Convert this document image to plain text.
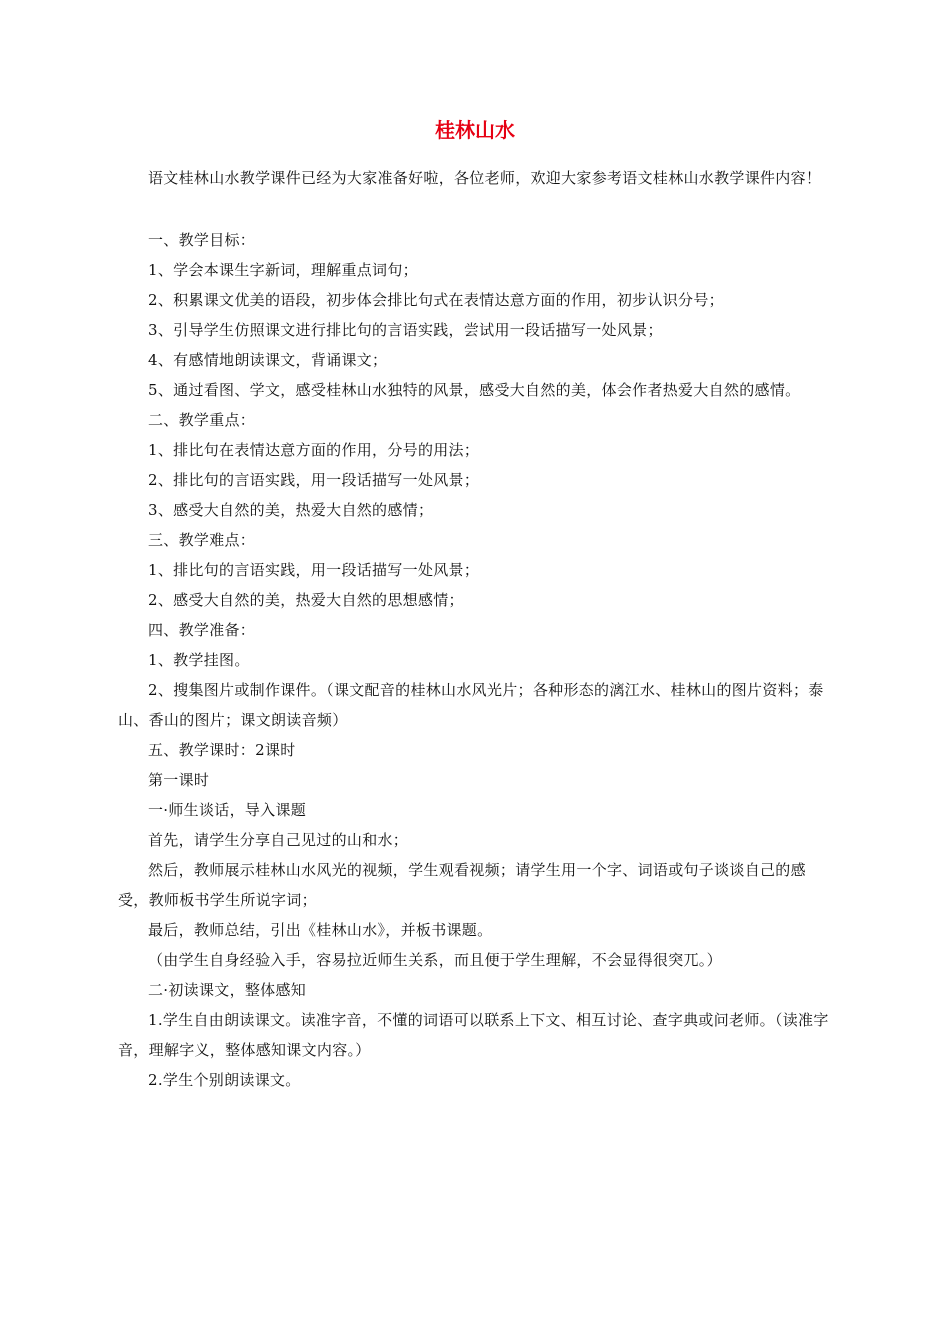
桂林山水

语文桂林山水教学课件已经为大家准备好啦，各位老师，欢迎大家参考语文桂林山水教学课件内容！

一、教学目标：

1、学会本课生字新词，理解重点词句；

2、积累课文优美的语段，初步体会排比句式在表情达意方面的作用，初步认识分号；

3、引导学生仿照课文进行排比句的言语实践，尝试用一段话描写一处风景；

4、有感情地朗读课文，背诵课文；

5、通过看图、学文，感受桂林山水独特的风景，感受大自然的美，体会作者热爱大自然的感情。

二、教学重点：

1、排比句在表情达意方面的作用，分号的用法；

2、排比句的言语实践，用一段话描写一处风景；

3、感受大自然的美，热爱大自然的感情；

三、教学难点：

1、排比句的言语实践，用一段话描写一处风景；

2、感受大自然的美，热爱大自然的思想感情；

四、教学准备：

1、教学挂图。

2、搜集图片或制作课件。（课文配音的桂林山水风光片；各种形态的漓江水、桂林山的图片资料；泰山、香山的图片；课文朗读音频）

五、教学课时：2课时

第一课时

一·师生谈话，导入课题

首先，请学生分享自己见过的山和水；

然后，教师展示桂林山水风光的视频，学生观看视频；请学生用一个字、词语或句子谈谈自己的感受，教师板书学生所说字词；

最后，教师总结，引出《桂林山水》，并板书课题。

（由学生自身经验入手，容易拉近师生关系，而且便于学生理解，不会显得很突兀。）

二·初读课文，整体感知

1.学生自由朗读课文。读准字音，不懂的词语可以联系上下文、相互讨论、查字典或问老师。（读准字音，理解字义，整体感知课文内容。）

2.学生个别朗读课文。
